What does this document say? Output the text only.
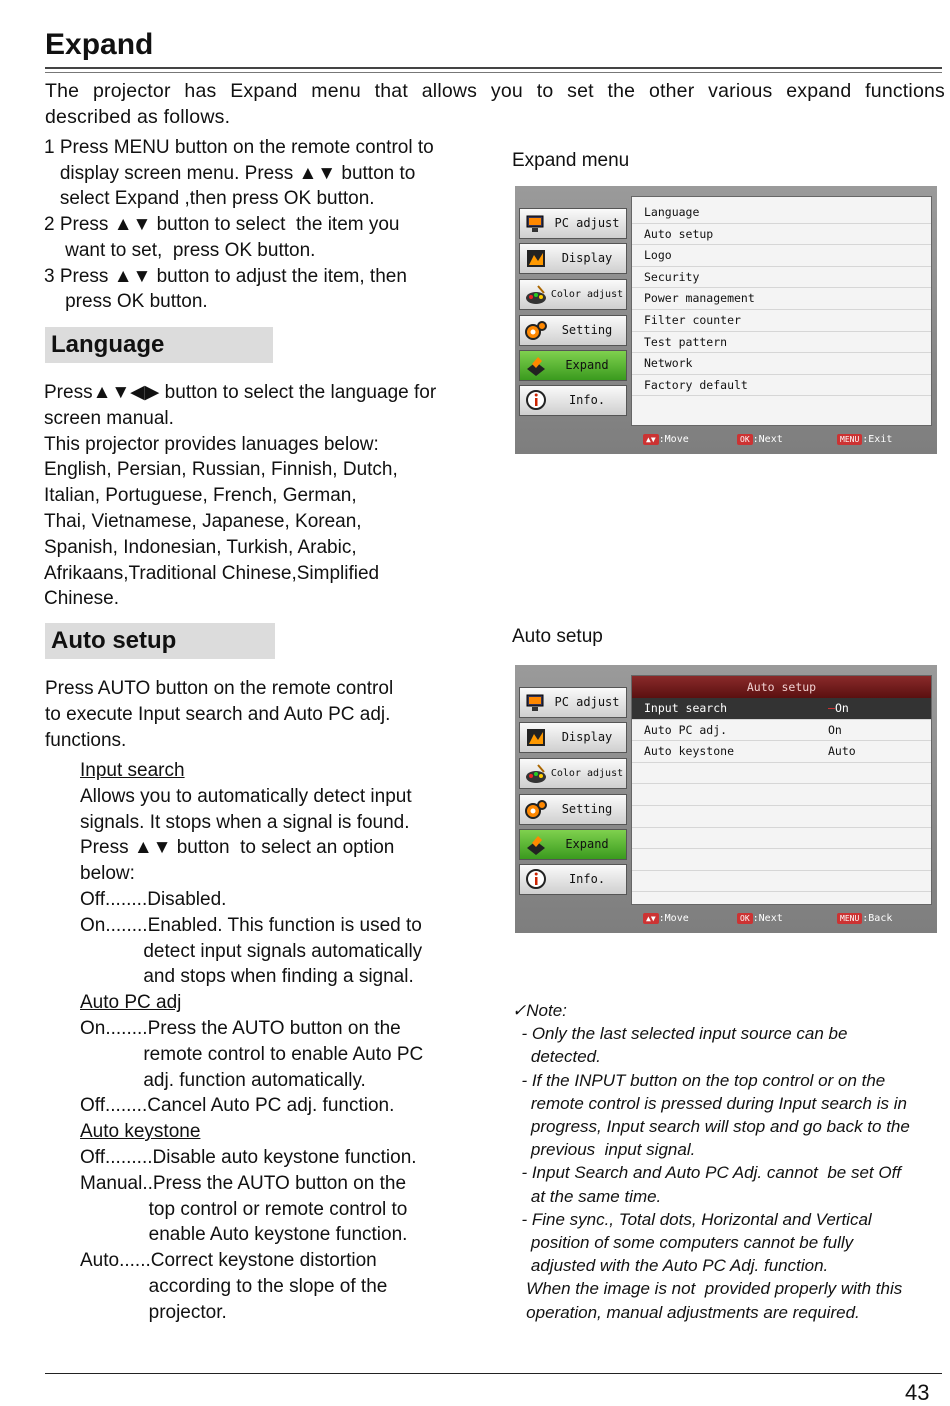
Expand
The projector has Expand menu that allows you to set the other various expand functions
described as follows.
1 Press MENU button on the remote control to
display screen menu. Press ▲▼ button to
select Expand ,then press OK button.
2 Press ▲▼ button to select  the item you
want to set,  press OK button.
3 Press ▲▼ button to adjust the item, then
press OK button.
Language
Press▲▼◀▶ button to select the language for
screen manual.
This projector provides lanuages below:
English, Persian, Russian, Finnish, Dutch,
Italian, Portuguese, French, German,
Thai, Vietnamese, Japanese, Korean,
Spanish, Indonesian, Turkish, Arabic,
Afrikaans,Traditional Chinese,Simplified
Chinese.
Auto setup
Press AUTO button on the remote control
to execute Input search and Auto PC adj.
functions.
Input search
Allows you to automatically detect input
signals. It stops when a signal is found.
Press ▲▼ button  to select an option
below:
Off........Disabled.
On........Enabled. This function is used to
detect input signals automatically
and stops when finding a signal.
Auto PC adj
On........Press the AUTO button on the
remote control to enable Auto PC
adj. function automatically.
Off........Cancel Auto PC adj. function.
Auto keystone
Off.........Disable auto keystone function.
Manual..Press the AUTO button on the
top control or remote control to
enable Auto keystone function.
Auto......Correct keystone distortion
according to the slope of the
projector.
Expand menu
PC adjust
Display
Color adjust
Setting
Expand
Info.
Language
Auto setup
Logo
Security
Power management
Filter counter
Test pattern
Network
Factory default
▲▼ :Move	OK :Next	MENU :Exit
Auto setup
PC adjust
Display
Color adjust
Setting
Expand
Info.
Auto setup
Input search	—On
Auto PC adj.	On
Auto keystone	Auto
▲▼ :Move	OK :Next	MENU :Back
✓Note:
- Only the last selected input source can be
detected.
- If the INPUT button on the top control or on the
remote control is pressed during Input search is in
progress, Input search will stop and go back to the
previous  input signal.
- Input Search and Auto PC Adj. cannot  be set Off
at the same time.
- Fine sync., Total dots, Horizontal and Vertical
position of some computers cannot be fully
adjusted with the Auto PC Adj. function.
When the image is not  provided properly with this
operation, manual adjustments are required.
43
